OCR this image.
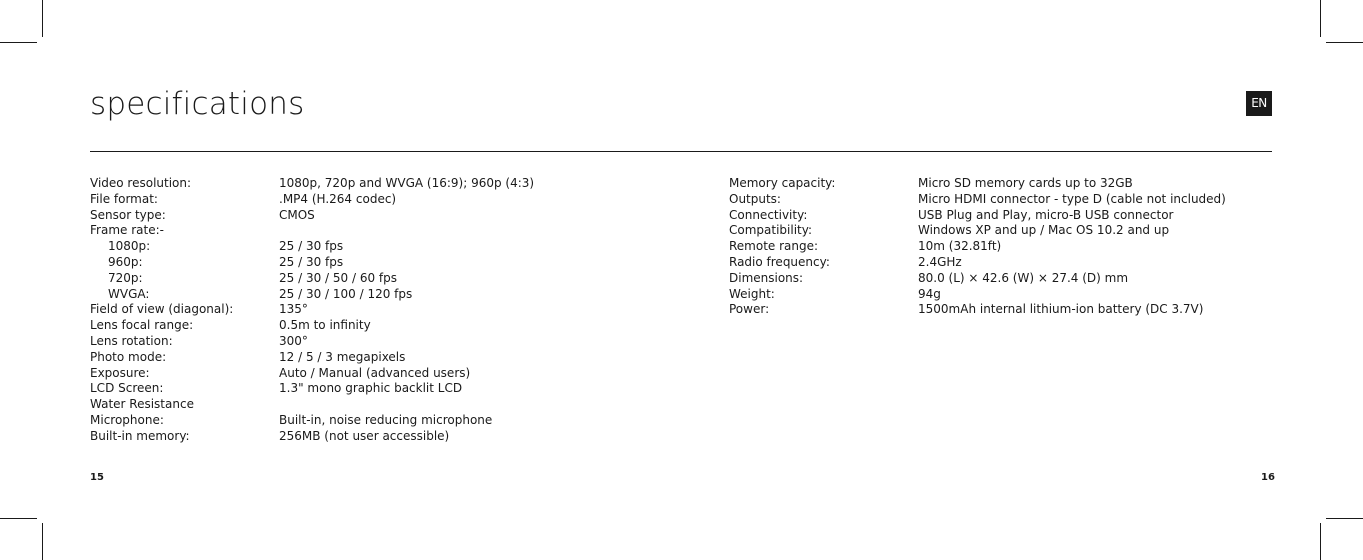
specifications	EN
Video resolution:	1080p, 720p and WVGA (16:9); 960p (4:3)
File format:	.MP4 (H.264 codec)
Sensor type:	CMOS
Frame rate:-
1080p:	25 / 30 fps
960p:	25 / 30 fps
720p:	25 / 30 / 50 / 60 fps
WVGA:	25 / 30 / 100 / 120 fps
Field of view (diagonal):	135°
Lens focal range:	0.5m to infinity
Lens rotation:	300°
Photo mode:	12 / 5 / 3 megapixels
Exposure:	Auto / Manual (advanced users)
LCD Screen:	1.3" mono graphic backlit LCD
Water Resistance
Microphone:	Built-in, noise reducing microphone
Built-in memory:	256MB (not user accessible)
Memory capacity:	Micro SD memory cards up to 32GB
Outputs:	Micro HDMI connector - type D (cable not included)
Connectivity:	USB Plug and Play, micro-B USB connector
Compatibility:	Windows XP and up / Mac OS 10.2 and up
Remote range:	10m (32.81ft)
Radio frequency:	2.4GHz
Dimensions:	80.0 (L) × 42.6 (W) × 27.4 (D) mm
Weight:	94g
Power:	1500mAh internal lithium-ion battery (DC 3.7V)
15	16
